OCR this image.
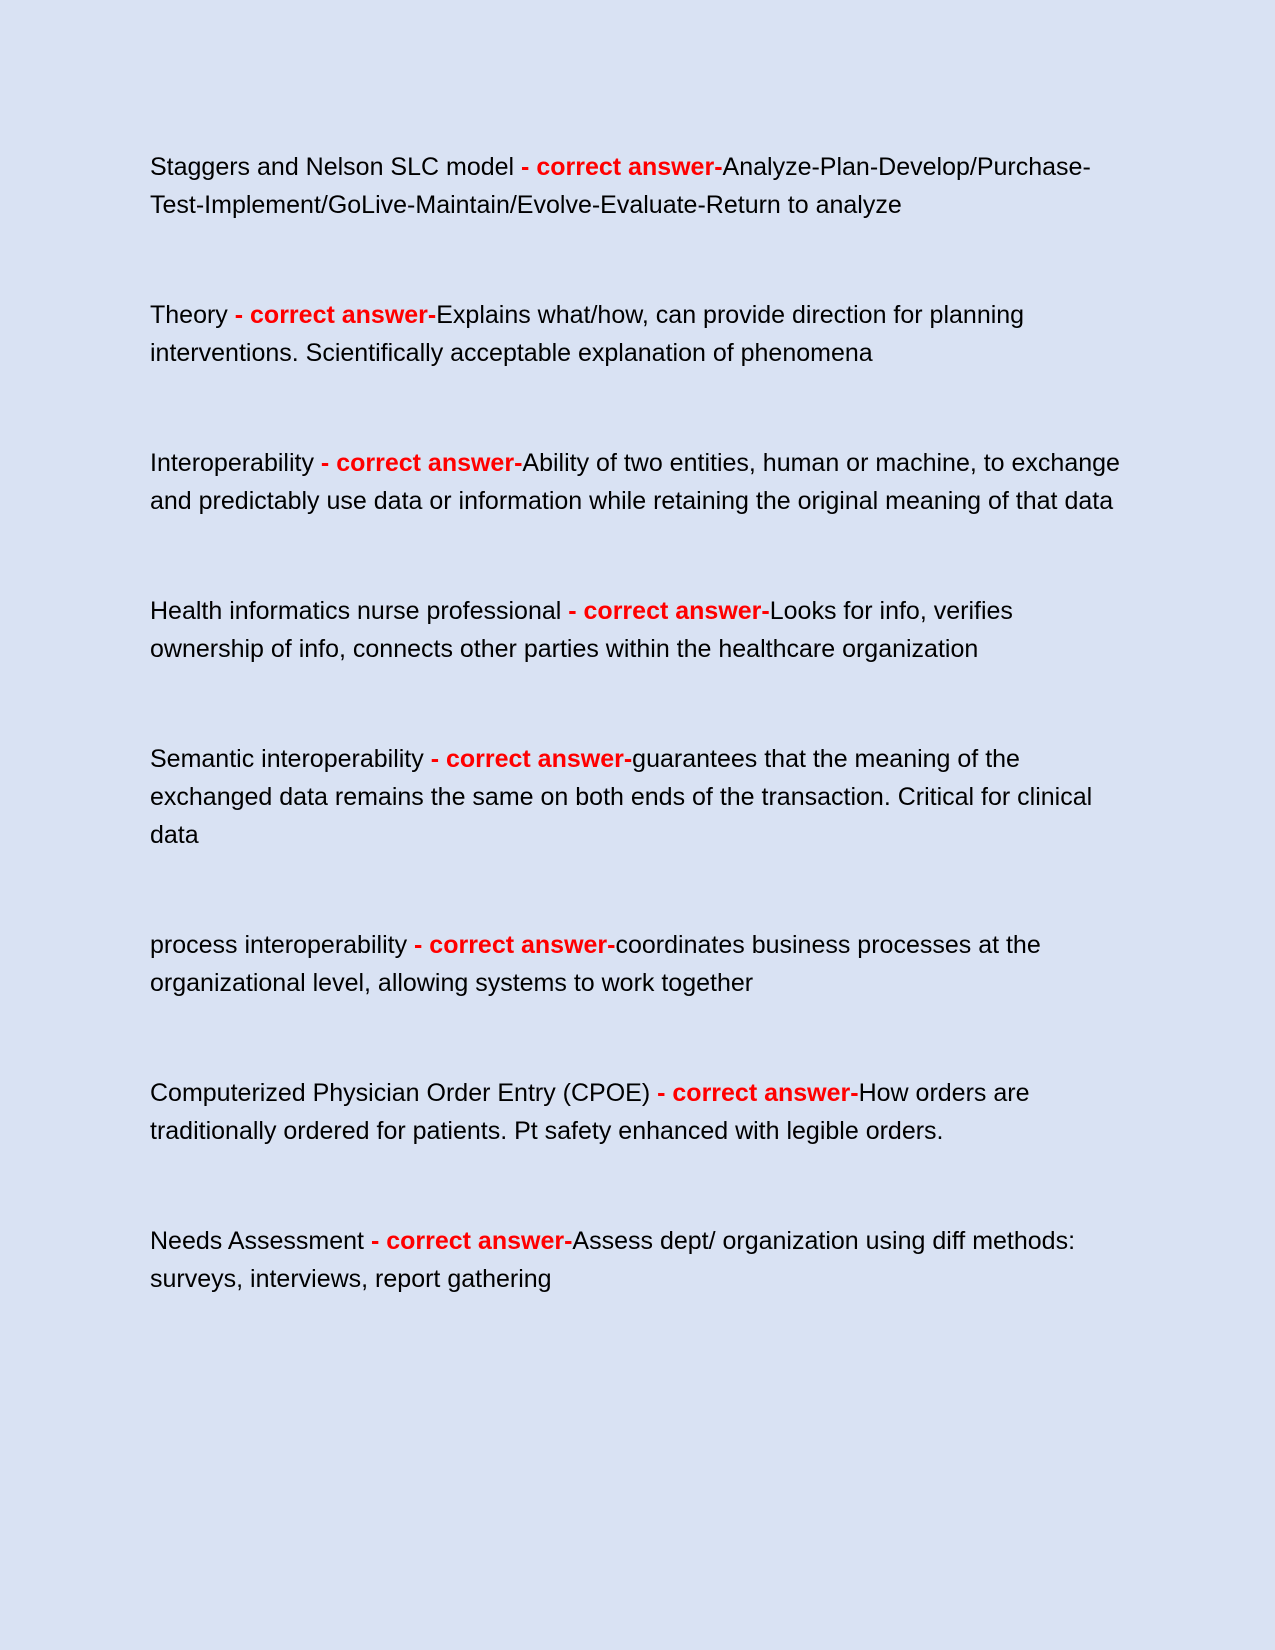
Staggers and Nelson SLC model - correct answer-Analyze-Plan-Develop/Purchase-Test-Implement/GoLive-Maintain/Evolve-Evaluate-Return to analyze

Theory - correct answer-Explains what/how, can provide direction for planning interventions. Scientifically acceptable explanation of phenomena

Interoperability - correct answer-Ability of two entities, human or machine, to exchange and predictably use data or information while retaining the original meaning of that data

Health informatics nurse professional - correct answer-Looks for info, verifies ownership of info, connects other parties within the healthcare organization

Semantic interoperability - correct answer-guarantees that the meaning of the exchanged data remains the same on both ends of the transaction. Critical for clinical data

process interoperability - correct answer-coordinates business processes at the organizational level, allowing systems to work together

Computerized Physician Order Entry (CPOE) - correct answer-How orders are traditionally ordered for patients. Pt safety enhanced with legible orders.

Needs Assessment - correct answer-Assess dept/ organization using diff methods: surveys, interviews, report gathering
